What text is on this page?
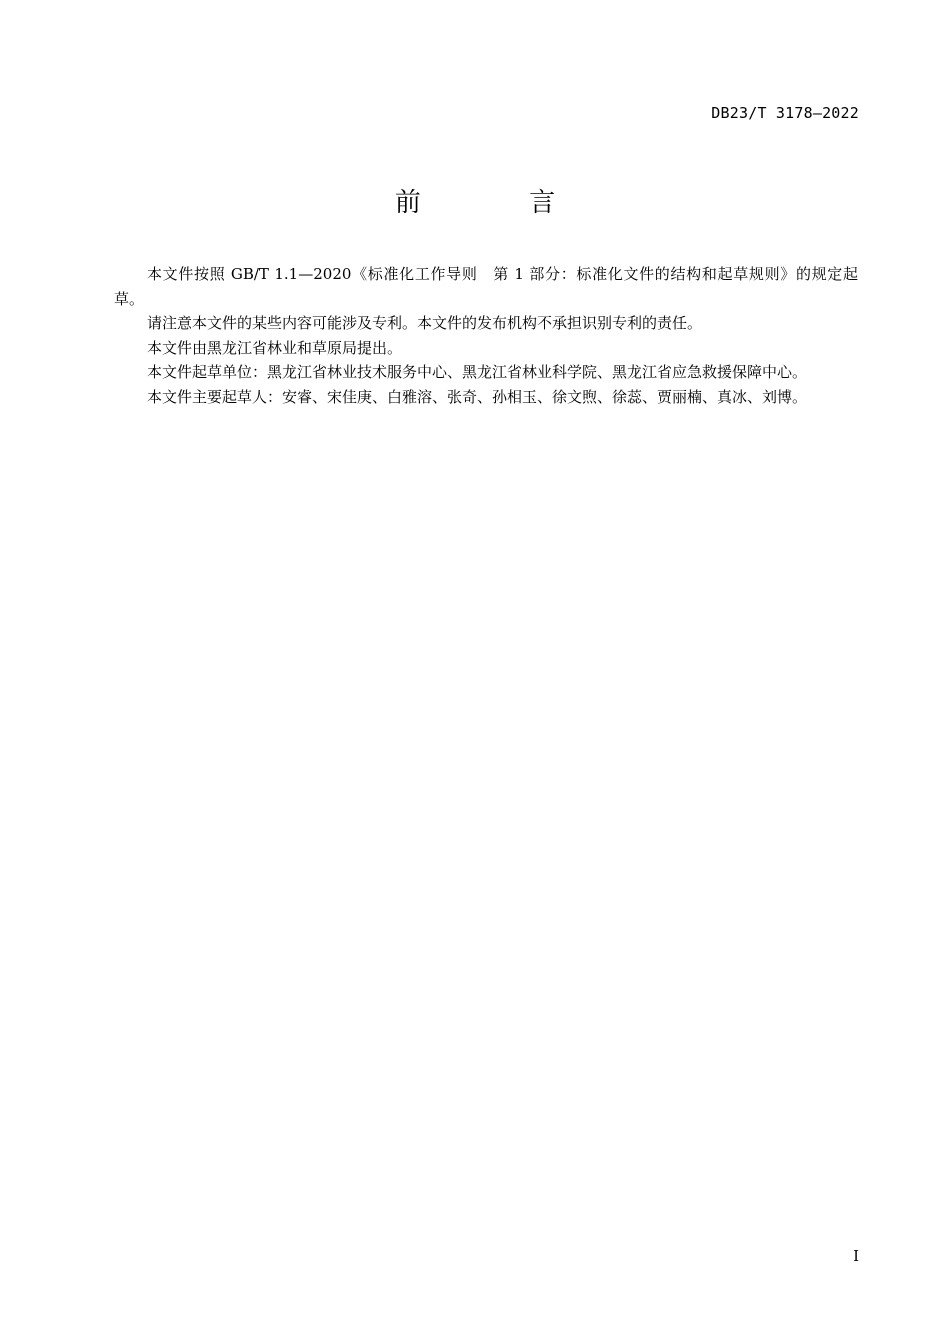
DB23/T 3178—2022
前 言

本文件按照 GB/T 1.1—2020《标准化工作导则　第 1 部分：标准化文件的结构和起草规则》的规定起草。

请注意本文件的某些内容可能涉及专利。本文件的发布机构不承担识别专利的责任。

本文件由黑龙江省林业和草原局提出。

本文件起草单位：黑龙江省林业技术服务中心、黑龙江省林业科学院、黑龙江省应急救援保障中心。

本文件主要起草人：安睿、宋佳庚、白雅溶、张奇、孙相玉、徐文煦、徐蕊、贾丽楠、真冰、刘博。

I
